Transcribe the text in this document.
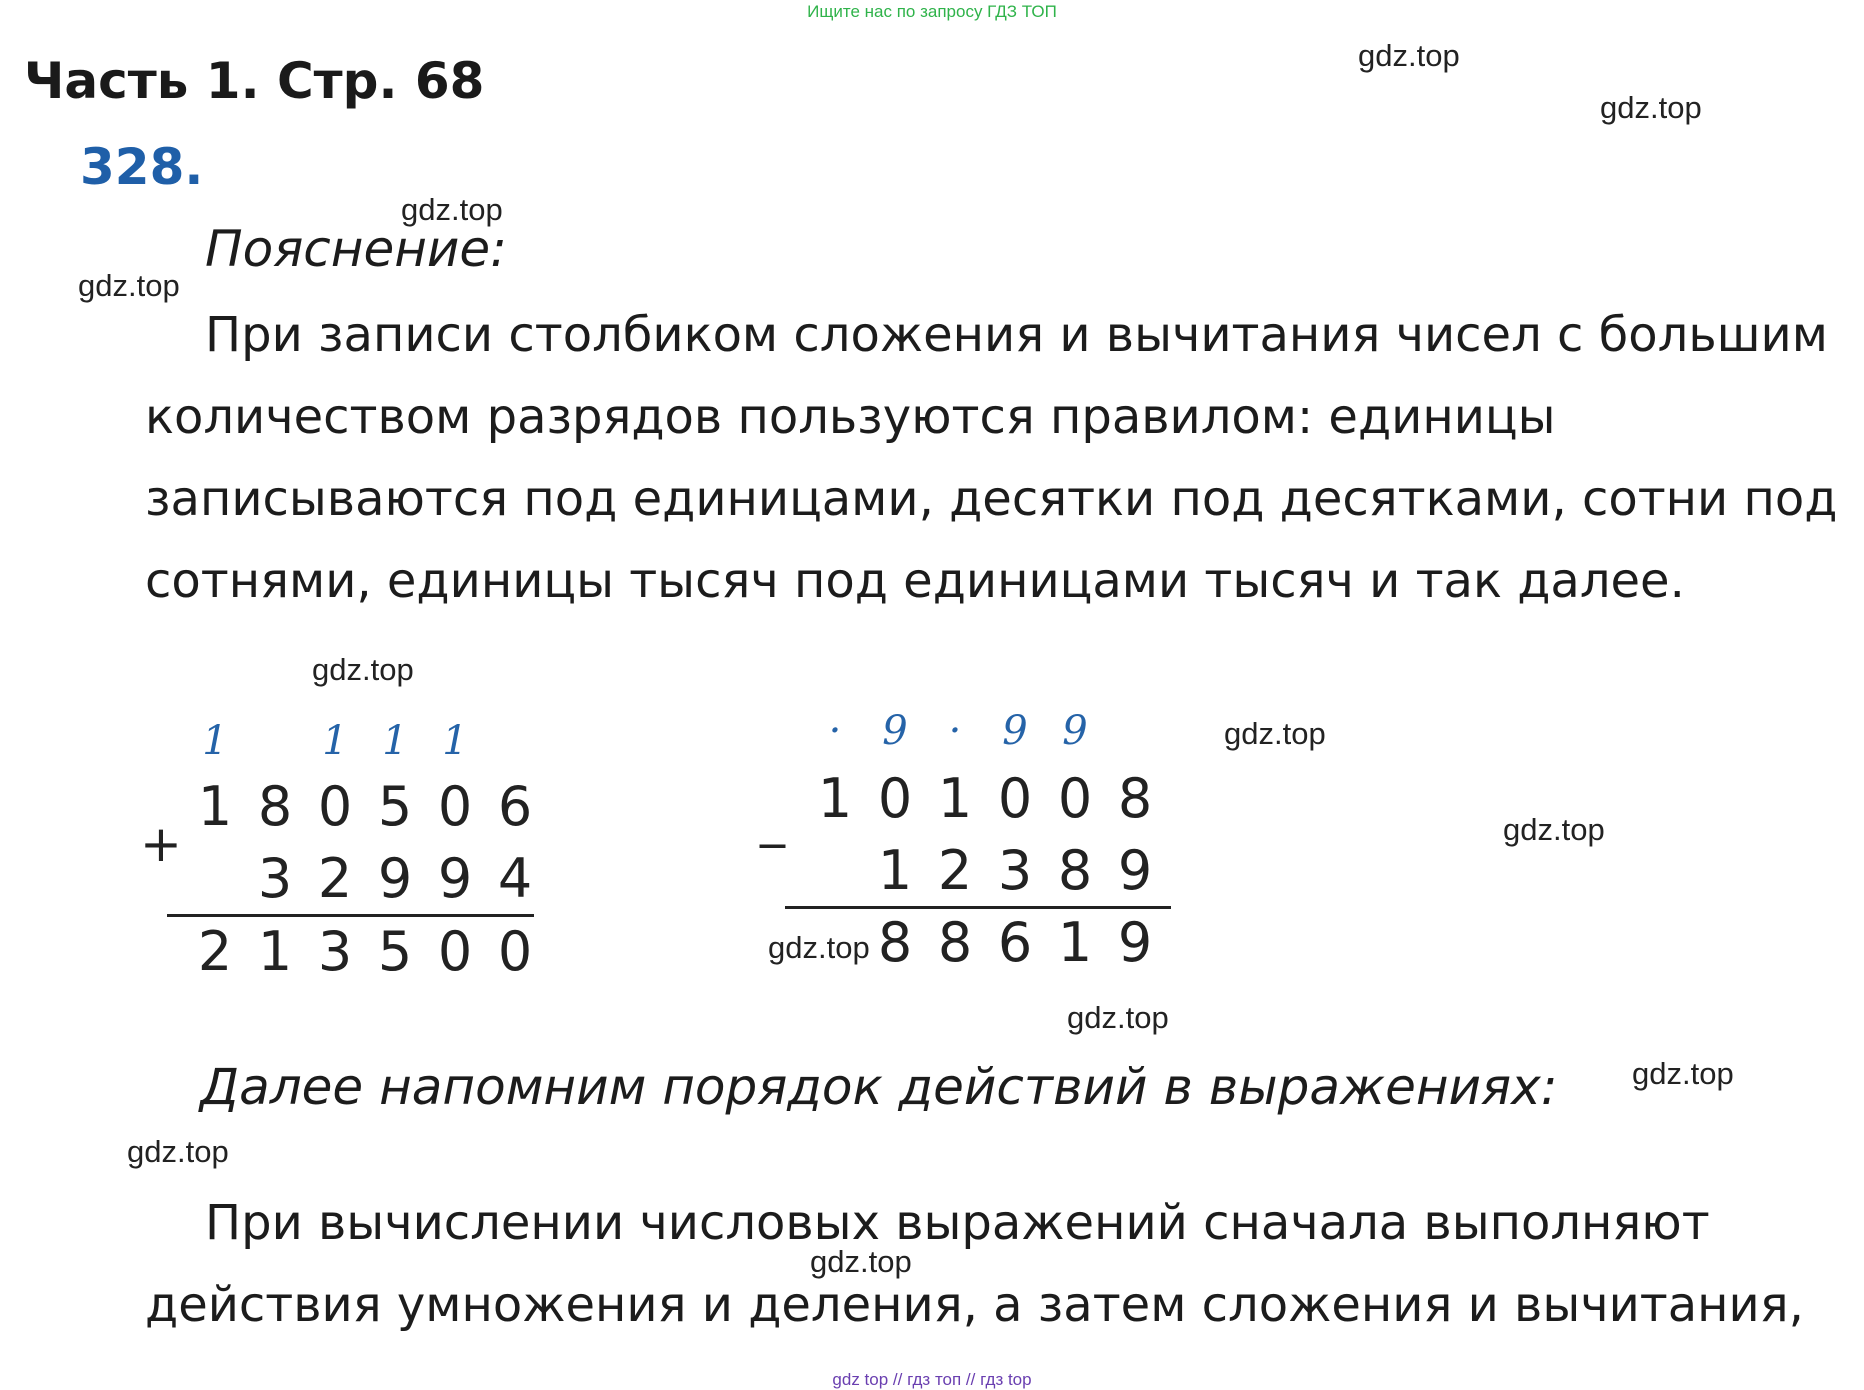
Ищите нас по запросу ГДЗ ТОП
Часть 1. Стр. 68
328.
Пояснение:
При записи столбиком сложения и вычитания чисел с большим
количеством разрядов пользуются правилом: единицы
записываются под единицами, десятки под десятками, сотни под
сотнями, единицы тысяч под единицами тысяч и так далее.
1 1 1 1
1 8 0 5 0 6
+
3 2 9 9 4
2 1 3 5 0 0
· 9 · 9 9
1 0 1 0 0 8
_
1 2 3 8 9
8 8 6 1 9
Далее напомним порядок действий в выражениях:
При вычислении числовых выражений сначала выполняют
действия умножения и деления, а затем сложения и вычитания,
gdz.top
gdz.top
gdz.top
gdz.top
gdz.top
gdz.top
gdz.top
gdz.top
gdz.top
gdz.top
gdz.top
gdz.top
gdz top // гдз топ // гдз top
